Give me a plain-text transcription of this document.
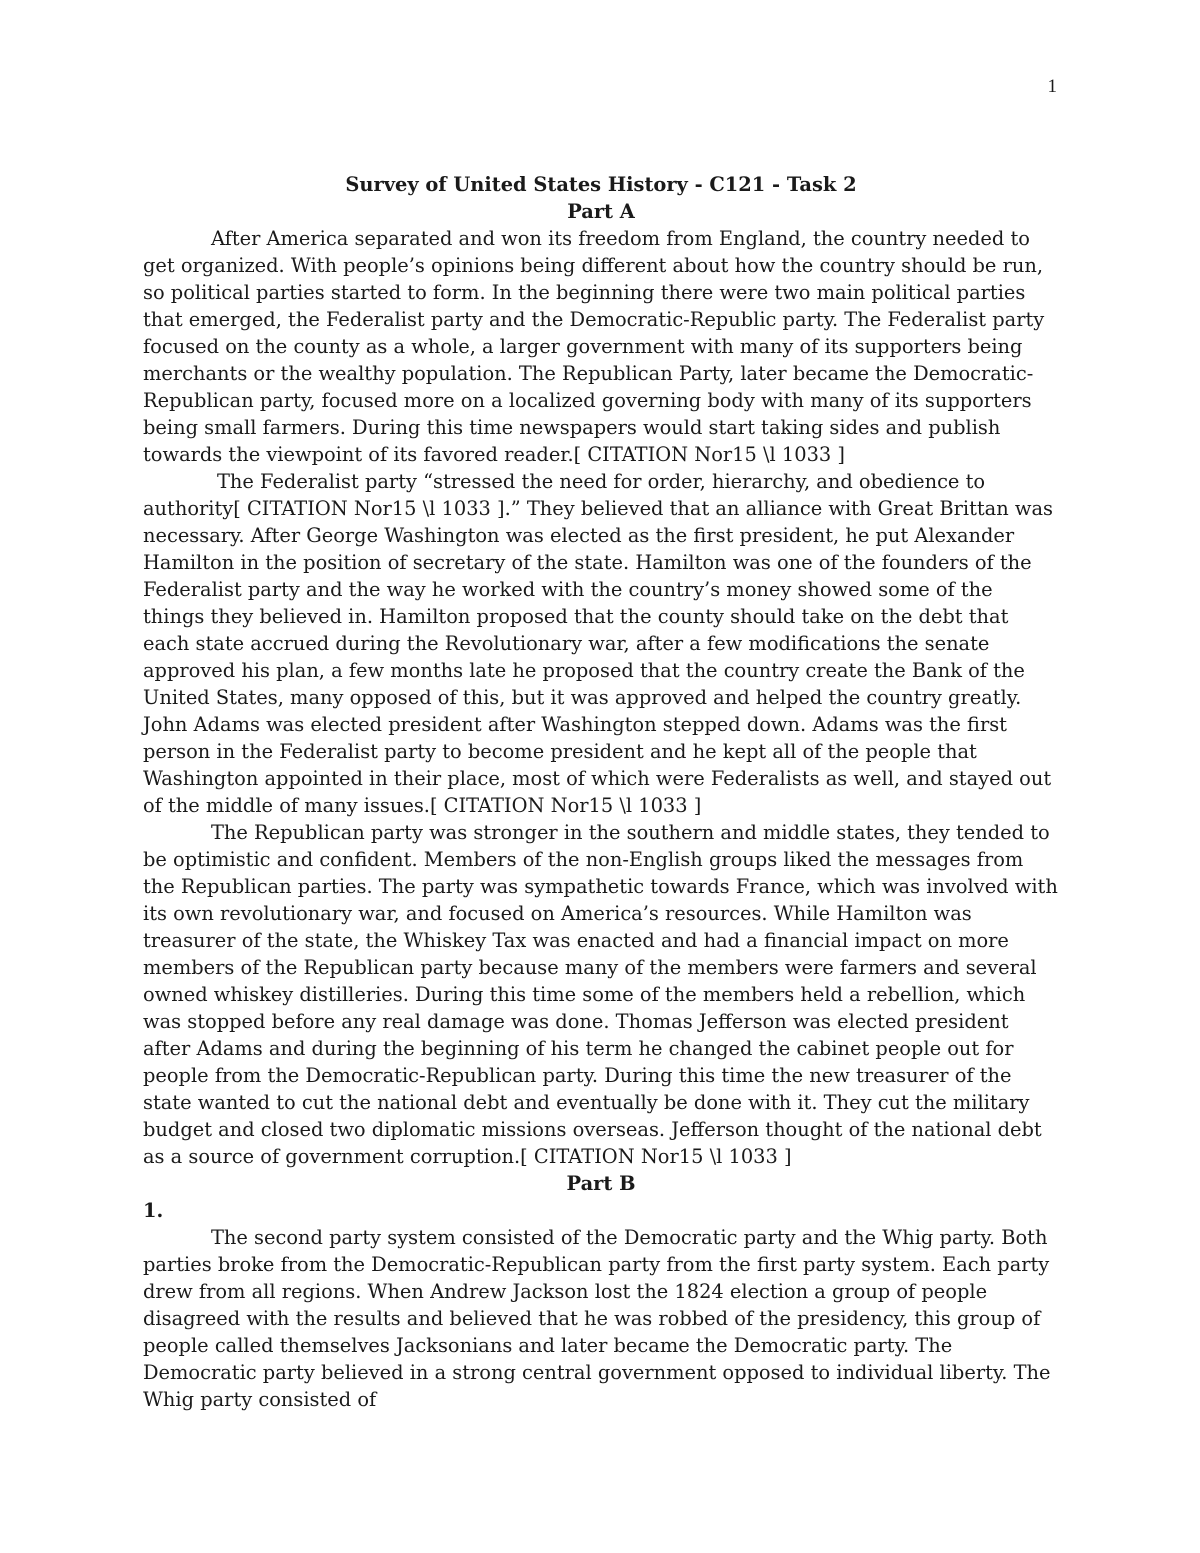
1

Survey of United States History - C121 - Task 2

Part A

After America separated and won its freedom from England, the country needed to get organized. With people’s opinions being different about how the country should be run, so political parties started to form. In the beginning there were two main political parties that emerged, the Federalist party and the Democratic-Republic party. The Federalist party focused on the county as a whole, a larger government with many of its supporters being merchants or the wealthy population. The Republican Party, later became the Democratic-Republican party, focused more on a localized governing body with many of its supporters being small farmers. During this time newspapers would start taking sides and publish towards the viewpoint of its favored reader.[ CITATION Nor15 \l 1033 ]

The Federalist party “stressed the need for order, hierarchy, and obedience to authority[ CITATION Nor15 \l 1033 ].” They believed that an alliance with Great Brittan was necessary. After George Washington was elected as the first president, he put Alexander Hamilton in the position of secretary of the state. Hamilton was one of the founders of the Federalist party and the way he worked with the country’s money showed some of the things they believed in. Hamilton proposed that the county should take on the debt that each state accrued during the Revolutionary war, after a few modifications the senate approved his plan, a few months late he proposed that the country create the Bank of the United States, many opposed of this, but it was approved and helped the country greatly. John Adams was elected president after Washington stepped down. Adams was the first person in the Federalist party to become president and he kept all of the people that Washington appointed in their place, most of which were Federalists as well, and stayed out of the middle of many issues.[ CITATION Nor15 \l 1033 ]

The Republican party was stronger in the southern and middle states, they tended to be optimistic and confident. Members of the non-English groups liked the messages from the Republican parties. The party was sympathetic towards France, which was involved with its own revolutionary war, and focused on America’s resources. While Hamilton was treasurer of the state, the Whiskey Tax was enacted and had a financial impact on more members of the Republican party because many of the members were farmers and several owned whiskey distilleries. During this time some of the members held a rebellion, which was stopped before any real damage was done. Thomas Jefferson was elected president after Adams and during the beginning of his term he changed the cabinet people out for people from the Democratic-Republican party. During this time the new treasurer of the state wanted to cut the national debt and eventually be done with it. They cut the military budget and closed two diplomatic missions overseas. Jefferson thought of the national debt as a source of government corruption.[ CITATION Nor15 \l 1033 ]

Part B

1.

The second party system consisted of the Democratic party and the Whig party. Both parties broke from the Democratic-Republican party from the first party system. Each party drew from all regions. When Andrew Jackson lost the 1824 election a group of people disagreed with the results and believed that he was robbed of the presidency, this group of people called themselves Jacksonians and later became the Democratic party. The Democratic party believed in a strong central government opposed to individual liberty. The Whig party consisted of
